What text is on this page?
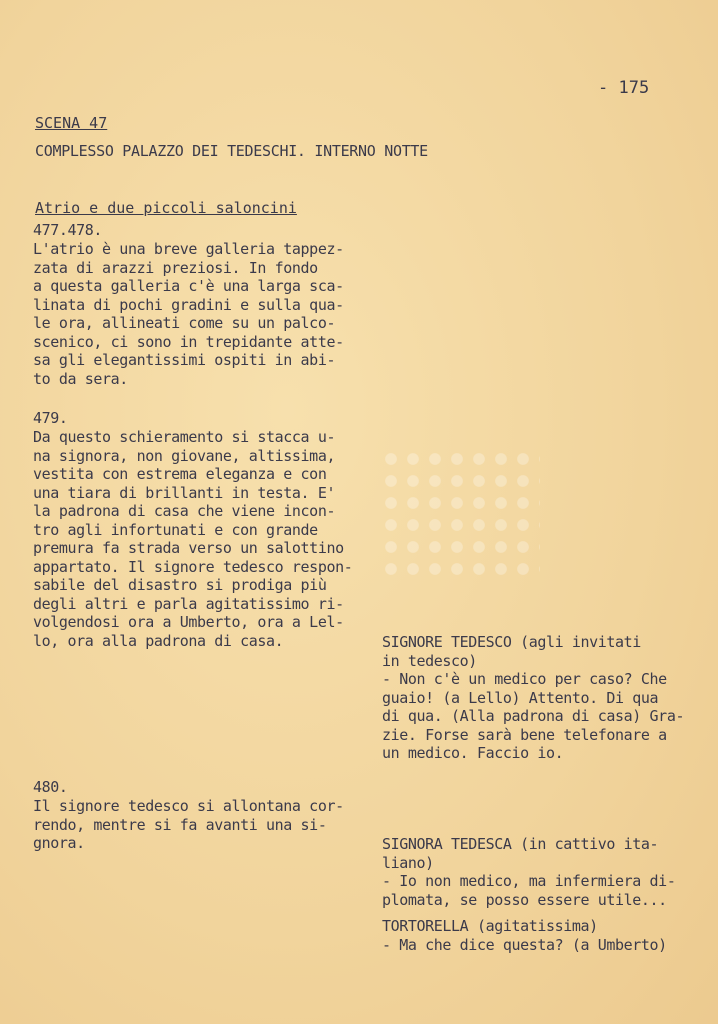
- 175
SCENA 47
COMPLESSO PALAZZO DEI TEDESCHI. INTERNO NOTTE
Atrio e due piccoli saloncini
477.478.
L'atrio è una breve galleria tappez-
zata di arazzi preziosi. In fondo
a questa galleria c'è una larga sca-
linata di pochi gradini e sulla qua-
le ora, allineati come su un palco-
scenico, ci sono in trepidante atte-
sa gli elegantissimi ospiti in abi-
to da sera.
479.
Da questo schieramento si stacca u-
na signora, non giovane, altissima,
vestita con estrema eleganza e con
una tiara di brillanti in testa. E'
la padrona di casa che viene incon-
tro agli infortunati e con grande
premura fa strada verso un salottino
appartato. Il signore tedesco respon-
sabile del disastro si prodiga più
degli altri e parla agitatissimo ri-
volgendosi ora a Umberto, ora a Lel-
lo, ora alla padrona di casa.
480.
Il signore tedesco si allontana cor-
rendo, mentre si fa avanti una si-
gnora.
SIGNORE TEDESCO (agli invitati
in tedesco)
- Non c'è un medico per caso? Che
guaio! (a Lello) Attento. Di qua
di qua. (Alla padrona di casa) Gra-
zie. Forse sarà bene telefonare a
un medico. Faccio io.
SIGNORA TEDESCA (in cattivo ita-
liano)
- Io non medico, ma infermiera di-
plomata, se posso essere utile...
TORTORELLA (agitatissima)
- Ma che dice questa? (a Umberto)
